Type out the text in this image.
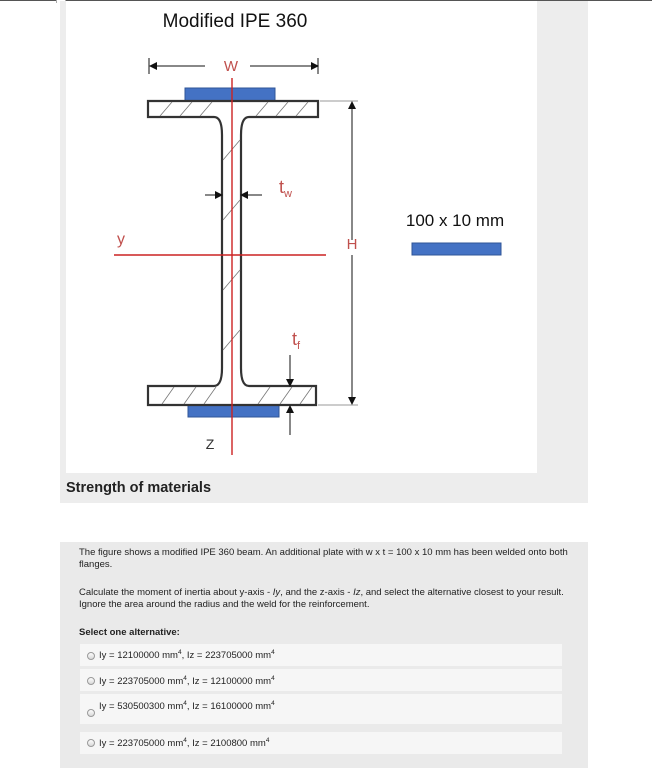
Modified IPE 360
W
$t_w$
H
$t_f$
y
Z
100 x 10 mm
Strength of materials
The figure shows a modified IPE 360 beam. An additional plate with w x t = 100 x 10 mm has been welded onto both flanges.
Calculate the moment of inertia about y-axis - Iy, and the z-axis - Iz, and select the alternative closest to your result. Ignore the area around the radius and the weld for the reinforcement.
Select one alternative:
Iy = 12100000 $mm^4$, Iz = 223705000 $mm^4$
Iy = 223705000 $mm^4$, Iz = 12100000 $mm^4$
Iy = 530500300 $mm^4$, Iz = 16100000 $mm^4$
Iy = 223705000 $mm^4$, Iz = 2100800 $mm^4$
